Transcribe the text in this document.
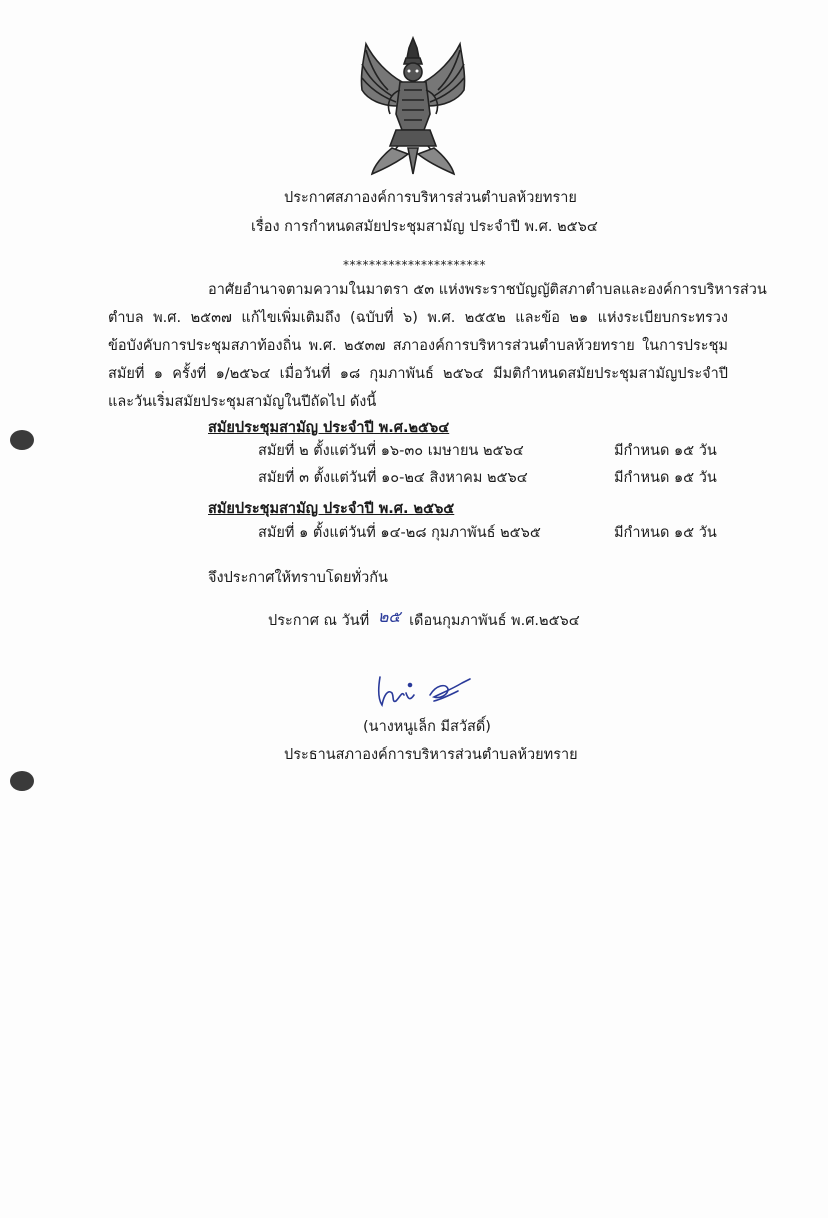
ประกาศสภาองค์การบริหารส่วนตำบลห้วยทราย
เรื่อง การกำหนดสมัยประชุมสามัญ ประจำปี พ.ศ. ๒๕๖๔
**********************
อาศัยอำนาจตามความในมาตรา ๕๓ แห่งพระราชบัญญัติสภาตำบลและองค์การบริหารส่วน
ตำบล พ.ศ. ๒๕๓๗ แก้ไขเพิ่มเติมถึง (ฉบับที่ ๖) พ.ศ. ๒๕๕๒ และข้อ ๒๑ แห่งระเบียบกระทรวง
ข้อบังคับการประชุมสภาท้องถิ่น พ.ศ. ๒๕๓๗ สภาองค์การบริหารส่วนตำบลห้วยทราย ในการประชุม
สมัยที่ ๑ ครั้งที่ ๑/๒๕๖๔ เมื่อวันที่ ๑๘ กุมภาพันธ์ ๒๕๖๔ มีมติกำหนดสมัยประชุมสามัญประจำปี
และวันเริ่มสมัยประชุมสามัญในปีถัดไป ดังนี้
สมัยประชุมสามัญ ประจำปี พ.ศ.๒๕๖๔
สมัยที่ ๒ ตั้งแต่วันที่ ๑๖-๓๐ เมษายน ๒๕๖๔	มีกำหนด ๑๕ วัน
สมัยที่ ๓ ตั้งแต่วันที่ ๑๐-๒๔ สิงหาคม ๒๕๖๔	มีกำหนด ๑๕ วัน
สมัยประชุมสามัญ ประจำปี พ.ศ. ๒๕๖๕
สมัยที่ ๑ ตั้งแต่วันที่ ๑๔-๒๘ กุมภาพันธ์ ๒๕๖๕	มีกำหนด ๑๕ วัน
จึงประกาศให้ทราบโดยทั่วกัน
ประกาศ ณ วันที่ ๒๕ เดือนกุมภาพันธ์ พ.ศ.๒๕๖๔
(นางหนูเล็ก มีสวัสดิ์)
ประธานสภาองค์การบริหารส่วนตำบลห้วยทราย
